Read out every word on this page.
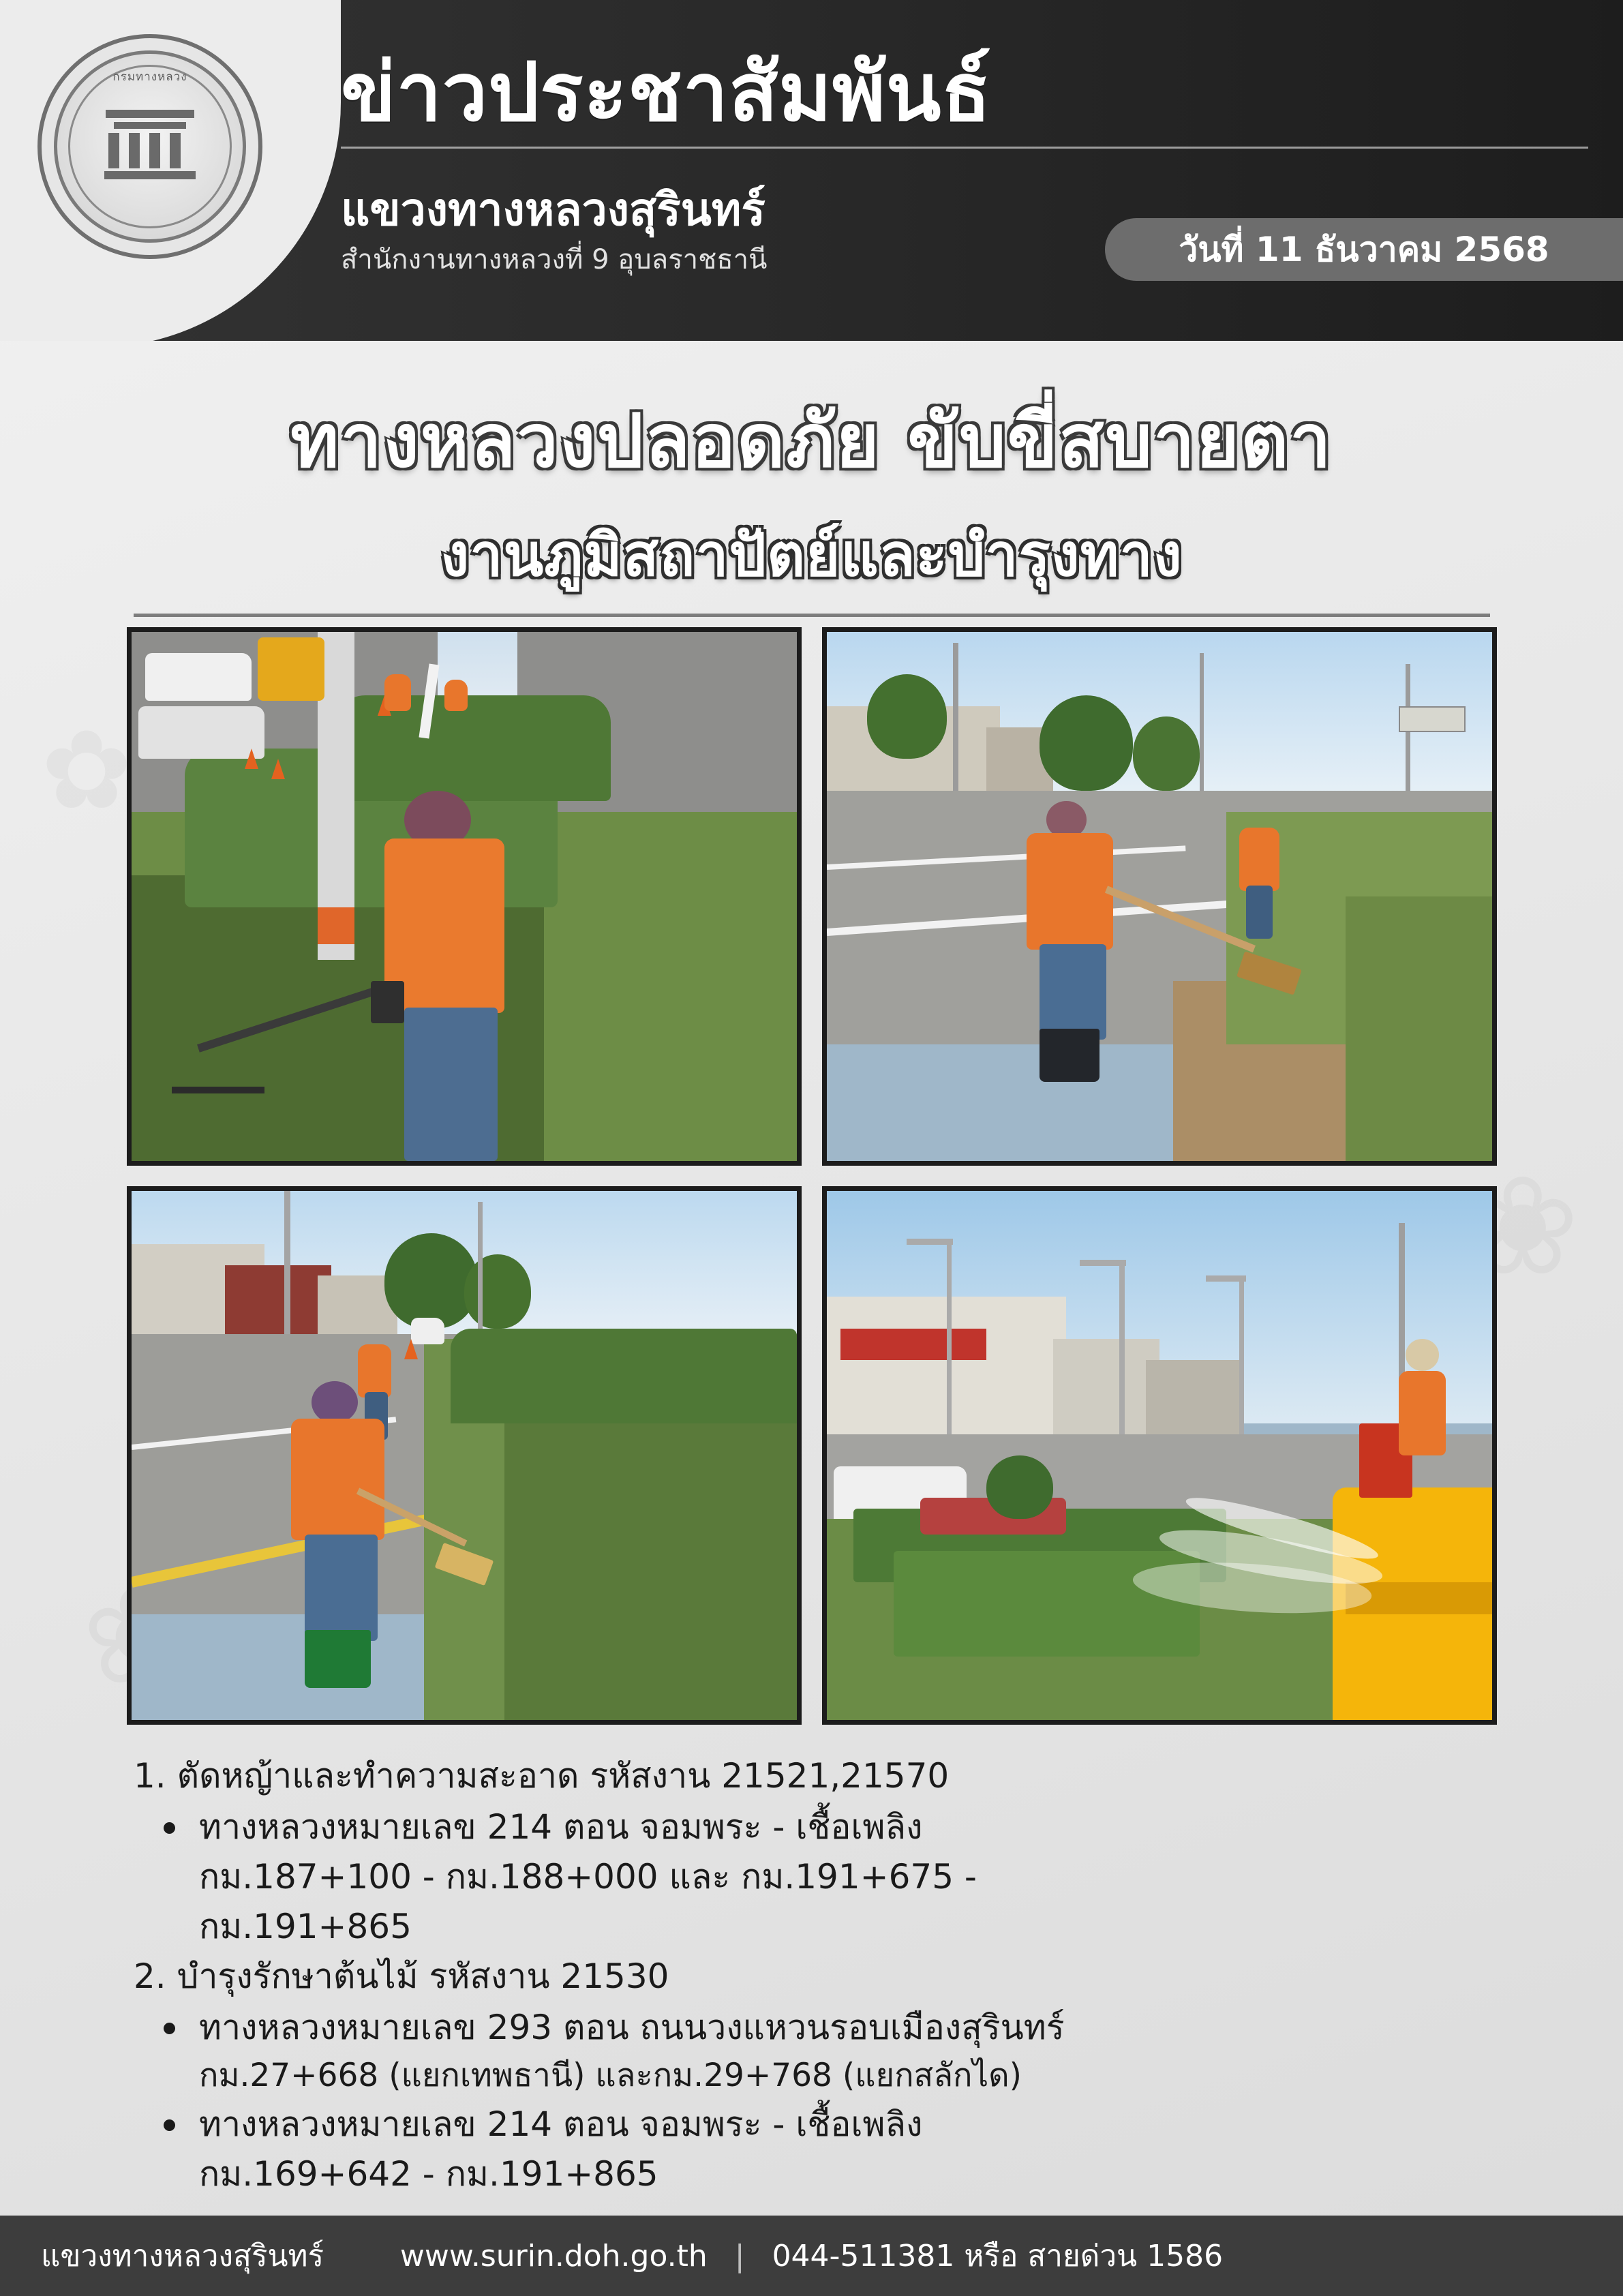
กรมทางหลวง	ข่าวประชาสัมพันธ์
แขวงทางหลวงสุรินทร์
สำนักงานทางหลวงที่ 9 อุบลราชธานี	วันที่ 11 ธันวาคม 2568
ทางหลวงปลอดภัย ขับขี่สบายตา
งานภูมิสถาปัตย์และบำรุงทาง

1. ตัดหญ้าและทำความสะอาด รหัสงาน 21521,21570

ทางหลวงหมายเลข 214 ตอน จอมพระ - เชื้อเพลิง

กม.187+100 - กม.188+000 และ กม.191+675 -

กม.191+865

2. บำรุงรักษาต้นไม้ รหัสงาน 21530

ทางหลวงหมายเลข 293 ตอน ถนนวงแหวนรอบเมืองสุรินทร์

กม.27+668 (แยกเทพธานี) และกม.29+768 (แยกสลักได)

ทางหลวงหมายเลข 214 ตอน จอมพระ - เชื้อเพลิง

กม.169+642 - กม.191+865

www.surin.doh.go.th | 044-511381 หรือ สายด่วน 1586
แขวงทางหลวงสุรินทร์
